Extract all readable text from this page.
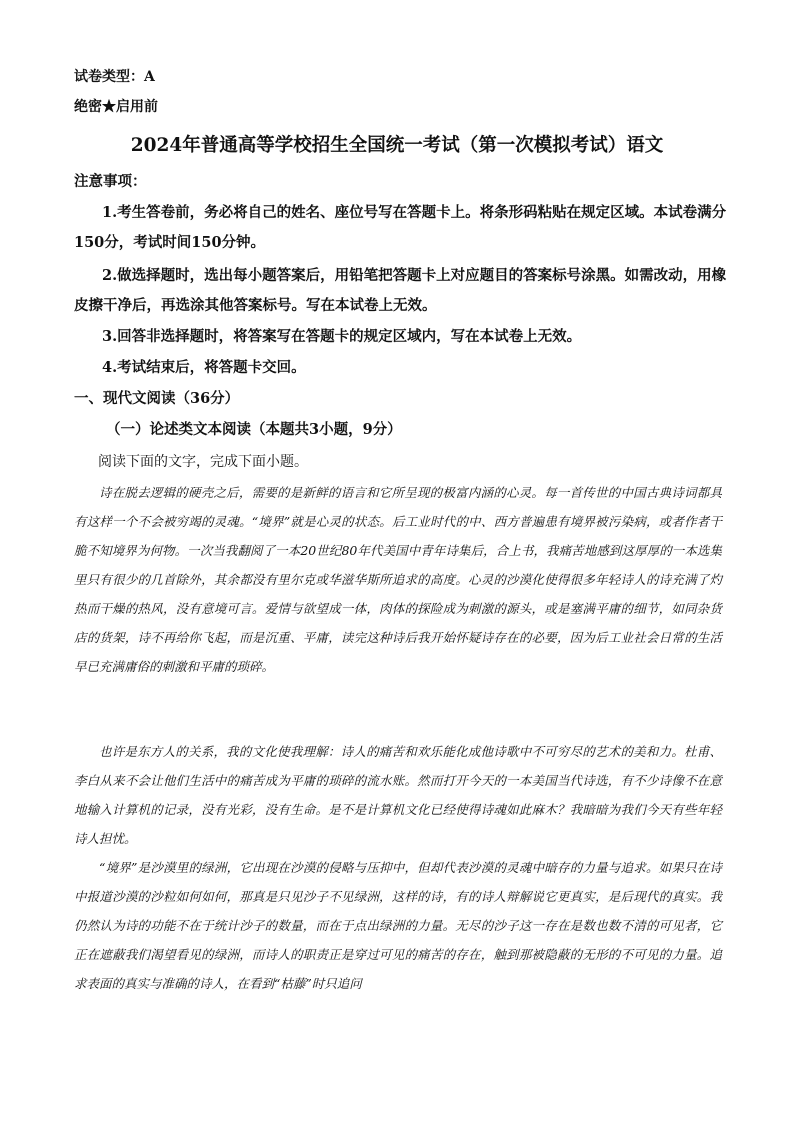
试卷类型：A
绝密★启用前
2024年普通高等学校招生全国统一考试（第一次模拟考试）语文
注意事项：

1.考生答卷前，务必将自己的姓名、座位号写在答题卡上。将条形码粘贴在规定区域。本试卷满分150分，考试时间150分钟。

2.做选择题时，选出每小题答案后，用铅笔把答题卡上对应题目的答案标号涂黑。如需改动，用橡皮擦干净后，再选涂其他答案标号。写在本试卷上无效。

3.回答非选择题时，将答案写在答题卡的规定区域内，写在本试卷上无效。

4.考试结束后，将答题卡交回。

一、现代文阅读（36分）
（一）论述类文本阅读（本题共3小题，9分）
阅读下面的文字，完成下面小题。

诗在脱去逻辑的硬壳之后，需要的是新鲜的语言和它所呈现的极富内涵的心灵。每一首传世的中国古典诗词都具有这样一个不会被穷竭的灵魂。“境界”就是心灵的状态。后工业时代的中、西方普遍患有境界被污染病，或者作者干脆不知境界为何物。一次当我翻阅了一本20世纪80年代美国中青年诗集后，合上书，我痛苦地感到这厚厚的一本选集里只有很少的几首除外，其余都没有里尔克或华滋华斯所追求的高度。心灵的沙漠化使得很多年轻诗人的诗充满了灼热而干燥的热风，没有意境可言。爱情与欲望成一体，肉体的探险成为刺激的源头，或是塞满平庸的细节，如同杂货店的货架，诗不再给你飞起，而是沉重、平庸，读完这种诗后我开始怀疑诗存在的必要，因为后工业社会日常的生活早已充满庸俗的刺激和平庸的琐碎。

也许是东方人的关系，我的文化使我理解：诗人的痛苦和欢乐能化成他诗歌中不可穷尽的艺术的美和力。杜甫、李白从来不会让他们生活中的痛苦成为平庸的琐碎的流水账。然而打开今天的一本美国当代诗选，有不少诗像不在意地输入计算机的记录，没有光彩，没有生命。是不是计算机文化已经使得诗魂如此麻木？我暗暗为我们今天有些年轻诗人担忧。

“境界”是沙漠里的绿洲，它出现在沙漠的侵略与压抑中，但却代表沙漠的灵魂中暗存的力量与追求。如果只在诗中报道沙漠的沙粒如何如何，那真是只见沙子不见绿洲，这样的诗，有的诗人辩解说它更真实，是后现代的真实。我仍然认为诗的功能不在于统计沙子的数量，而在于点出绿洲的力量。无尽的沙子这一存在是数也数不清的可见者，它正在遮蔽我们渴望看见的绿洲，而诗人的职责正是穿过可见的痛苦的存在，触到那被隐蔽的无形的不可见的力量。追求表面的真实与准确的诗人，在看到“枯藤”时只追问
